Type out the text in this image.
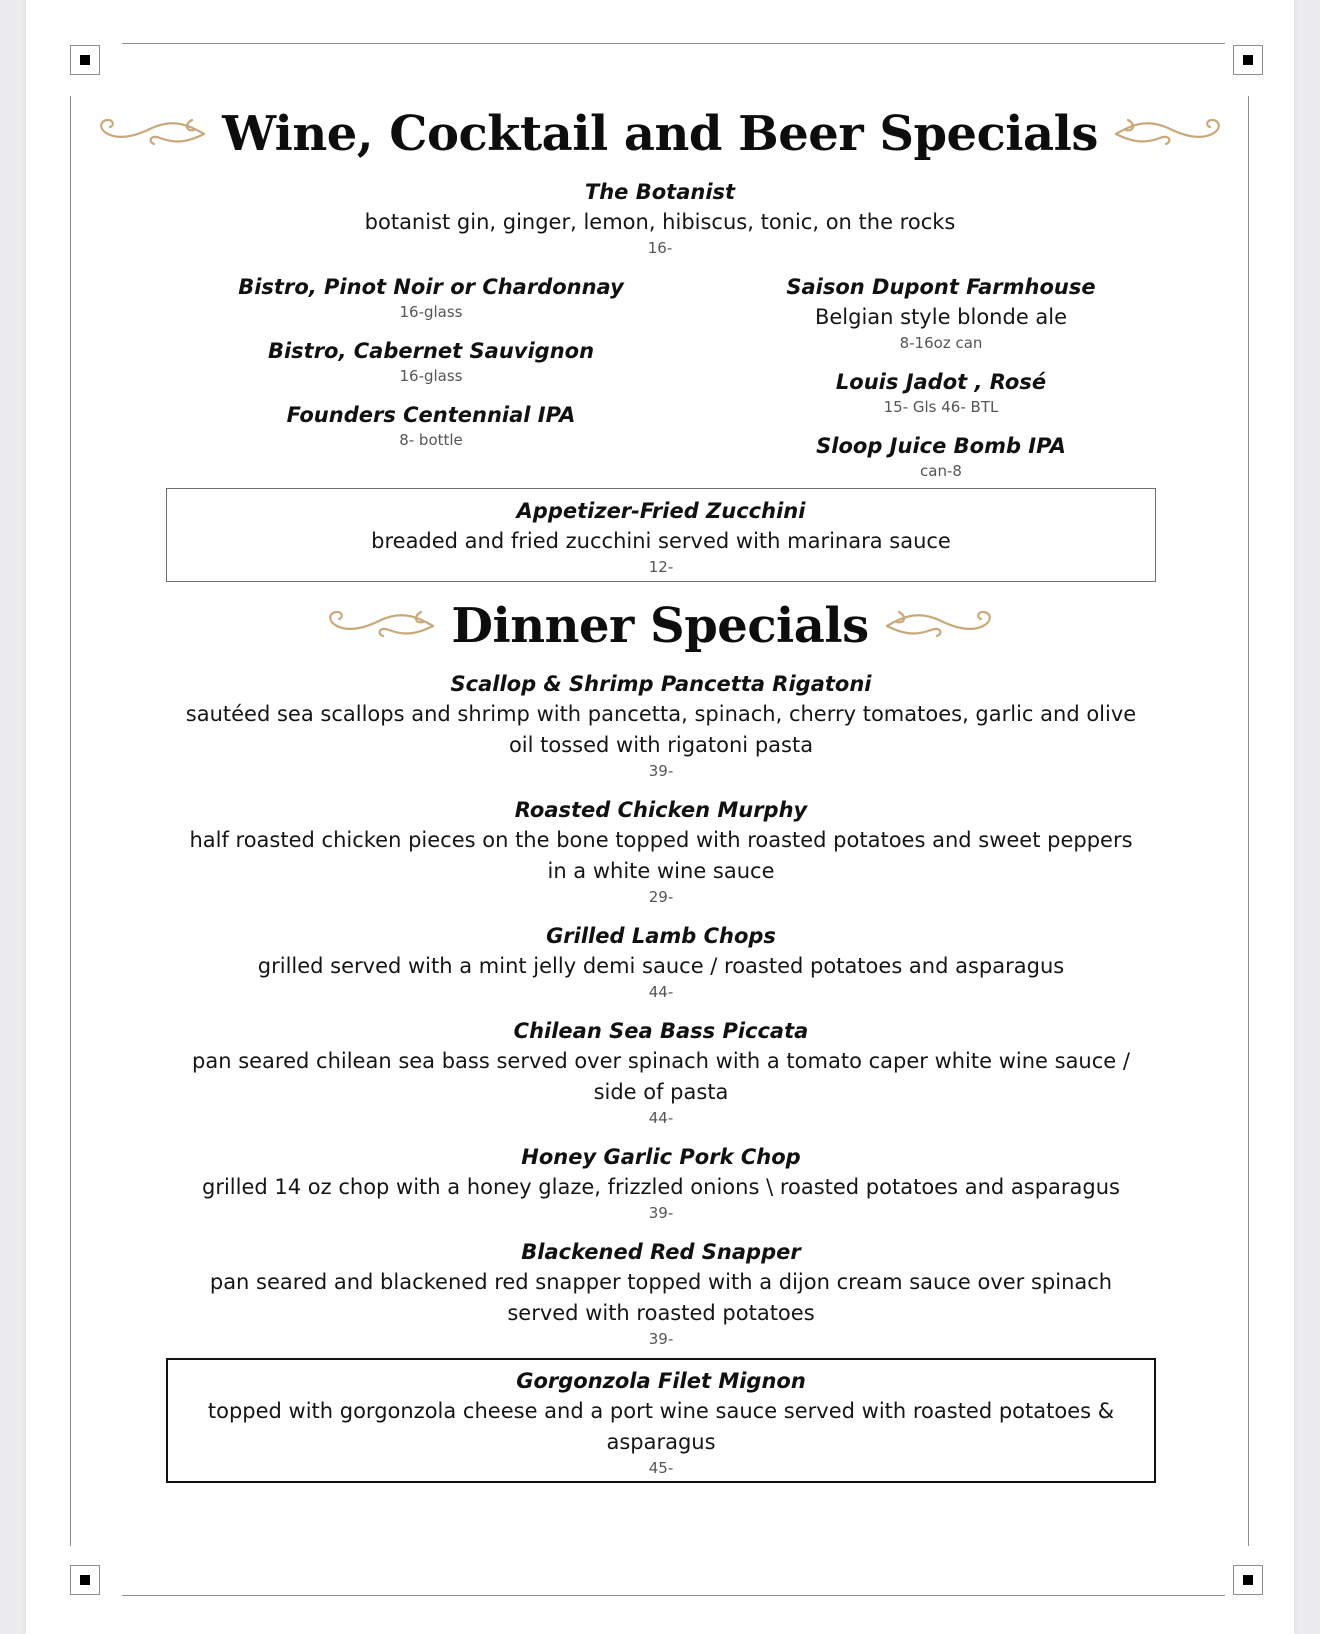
Wine, Cocktail and Beer Specials
The Botanist
botanist gin, ginger, lemon, hibiscus, tonic, on the rocks
16-
Bistro, Pinot Noir or Chardonnay
16-glass
Bistro, Cabernet Sauvignon
16-glass
Founders Centennial IPA
8- bottle
Saison Dupont Farmhouse
Belgian style blonde ale
8-16oz can
Louis Jadot , Rosé
15- Gls 46- BTL
Sloop Juice Bomb IPA
can-8
Appetizer-Fried Zucchini
breaded and fried zucchini served with marinara sauce
12-
Dinner Specials
Scallop & Shrimp Pancetta Rigatoni
sautéed sea scallops and shrimp with pancetta, spinach, cherry tomatoes, garlic and olive
oil tossed with rigatoni pasta
39-
Roasted Chicken Murphy
half roasted chicken pieces on the bone topped with roasted potatoes and sweet peppers
in a white wine sauce
29-
Grilled Lamb Chops
grilled served with a mint jelly demi sauce / roasted potatoes and asparagus
44-
Chilean Sea Bass Piccata
pan seared chilean sea bass served over spinach with a tomato caper white wine sauce /
side of pasta
44-
Honey Garlic Pork Chop
grilled 14 oz chop with a honey glaze, frizzled onions \ roasted potatoes and asparagus
39-
Blackened Red Snapper
pan seared and blackened red snapper topped with a dijon cream sauce over spinach
served with roasted potatoes
39-
Gorgonzola Filet Mignon
topped with gorgonzola cheese and a port wine sauce served with roasted potatoes &
asparagus
45-
